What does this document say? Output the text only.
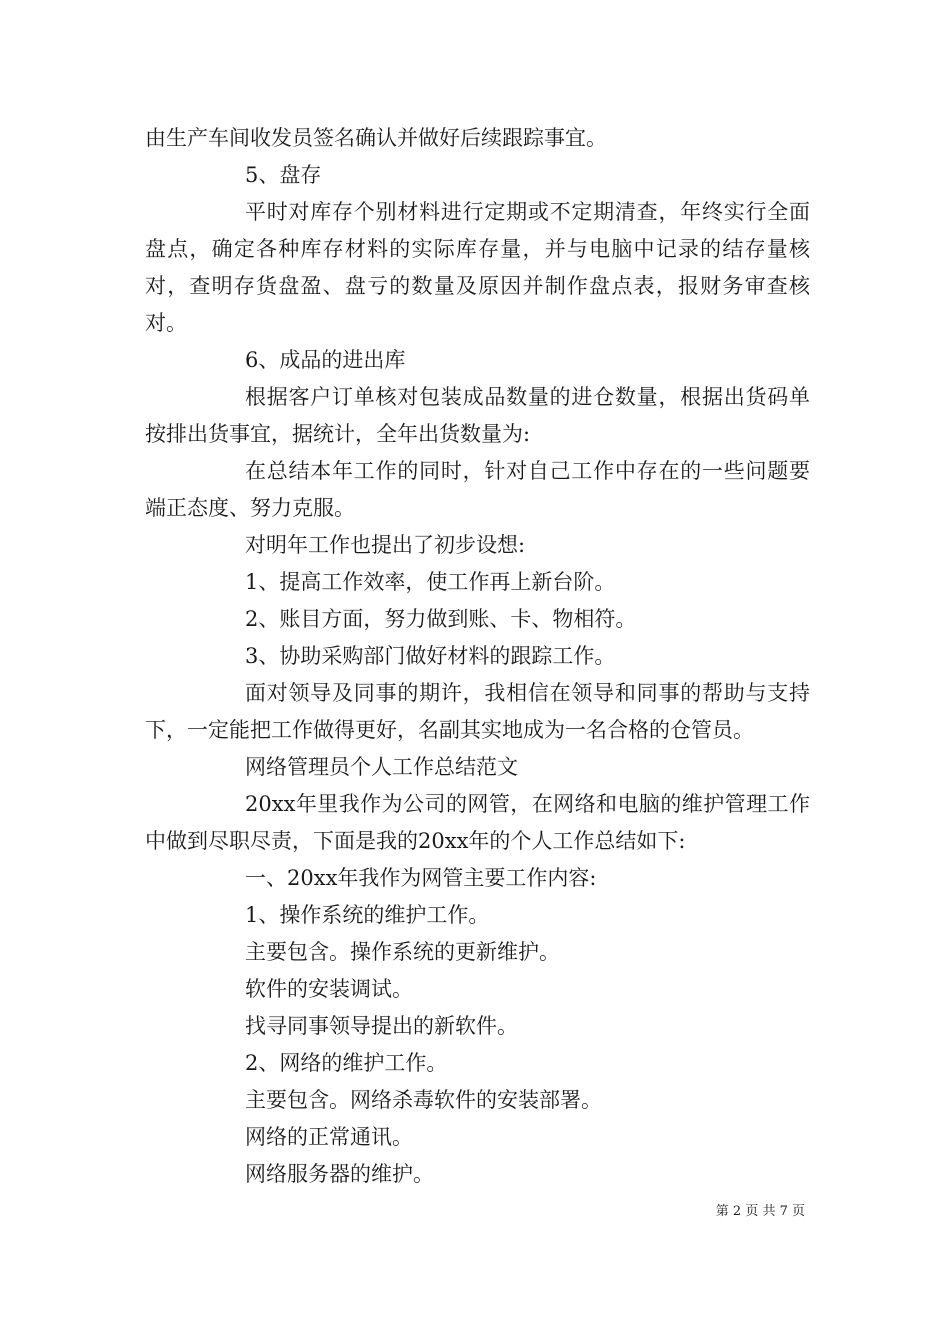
由生产车间收发员签名确认并做好后续跟踪事宜。

5、盘存

平时对库存个别材料进行定期或不定期清查，年终实行全面盘点，确定各种库存材料的实际库存量，并与电脑中记录的结存量核对，查明存货盘盈、盘亏的数量及原因并制作盘点表，报财务审查核对。

6、成品的进出库

根据客户订单核对包装成品数量的进仓数量，根据出货码单按排出货事宜，据统计，全年出货数量为:

在总结本年工作的同时，针对自己工作中存在的一些问题要端正态度、努力克服。

对明年工作也提出了初步设想:

1、提高工作效率，使工作再上新台阶。

2、账目方面，努力做到账、卡、物相符。

3、协助采购部门做好材料的跟踪工作。

面对领导及同事的期许，我相信在领导和同事的帮助与支持下，一定能把工作做得更好，名副其实地成为一名合格的仓管员。

网络管理员个人工作总结范文

20xx年里我作为公司的网管，在网络和电脑的维护管理工作中做到尽职尽责，下面是我的20xx年的个人工作总结如下:

一、20xx年我作为网管主要工作内容:

1、操作系统的维护工作。

主要包含。操作系统的更新维护。

软件的安装调试。

找寻同事领导提出的新软件。

2、网络的维护工作。

主要包含。网络杀毒软件的安装部署。

网络的正常通讯。

网络服务器的维护。

第 2 页 共 7 页
